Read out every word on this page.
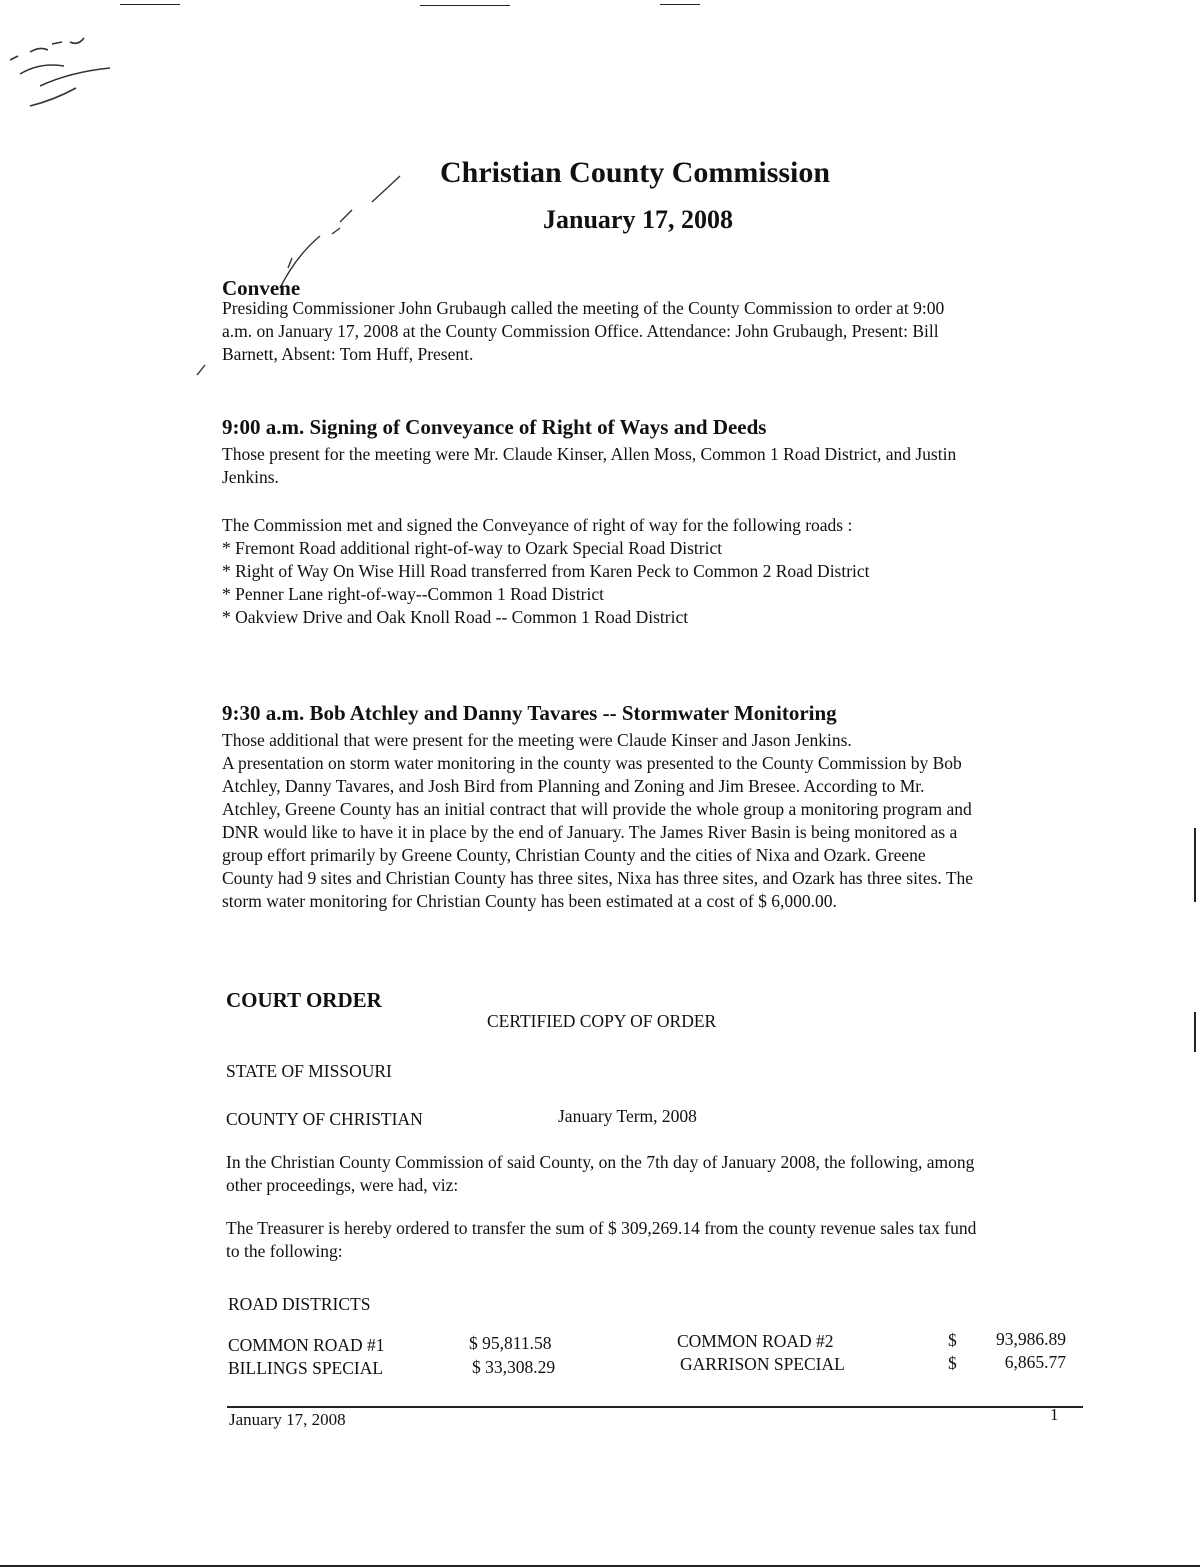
Christian County Commission
January 17, 2008
Convene
Presiding Commissioner John Grubaugh called the meeting of the County Commission to order at 9:00
a.m. on January 17, 2008 at the County Commission Office. Attendance: John Grubaugh, Present: Bill
Barnett, Absent: Tom Huff, Present.
9:00 a.m. Signing of Conveyance of Right of Ways and Deeds
Those present for the meeting were Mr. Claude Kinser, Allen Moss, Common 1 Road District, and Justin
Jenkins.
The Commission met and signed the Conveyance of right of way for the following roads :
* Fremont Road additional right-of-way to Ozark Special Road District
* Right of Way On Wise Hill Road transferred from Karen Peck to Common 2 Road District
* Penner Lane right-of-way--Common 1 Road District
* Oakview Drive and Oak Knoll Road -- Common 1 Road District
9:30 a.m. Bob Atchley and Danny Tavares -- Stormwater Monitoring
Those additional that were present for the meeting were Claude Kinser and Jason Jenkins.
A presentation on storm water monitoring in the county was presented to the County Commission by Bob
Atchley, Danny Tavares, and Josh Bird from Planning and Zoning and Jim Bresee. According to Mr.
Atchley, Greene County has an initial contract that will provide the whole group a monitoring program and
DNR would like to have it in place by the end of January. The James River Basin is being monitored as a
group effort primarily by Greene County, Christian County and the cities of Nixa and Ozark. Greene
County had 9 sites and Christian County has three sites, Nixa has three sites, and Ozark has three sites. The
storm water monitoring for Christian County has been estimated at a cost of $ 6,000.00.
COURT ORDER
CERTIFIED COPY OF ORDER
STATE OF MISSOURI
COUNTY OF CHRISTIAN	January Term, 2008
In the Christian County Commission of said County, on the 7th day of January 2008, the following, among
other proceedings, were had, viz:
The Treasurer is hereby ordered to transfer the sum of $ 309,269.14 from the county revenue sales tax fund
to the following:
ROAD DISTRICTS
COMMON ROAD #1	$ 95,811.58	COMMON ROAD #2	$	93,986.89
BILLINGS SPECIAL	$ 33,308.29	GARRISON SPECIAL	$	6,865.77
January 17, 2008	1
